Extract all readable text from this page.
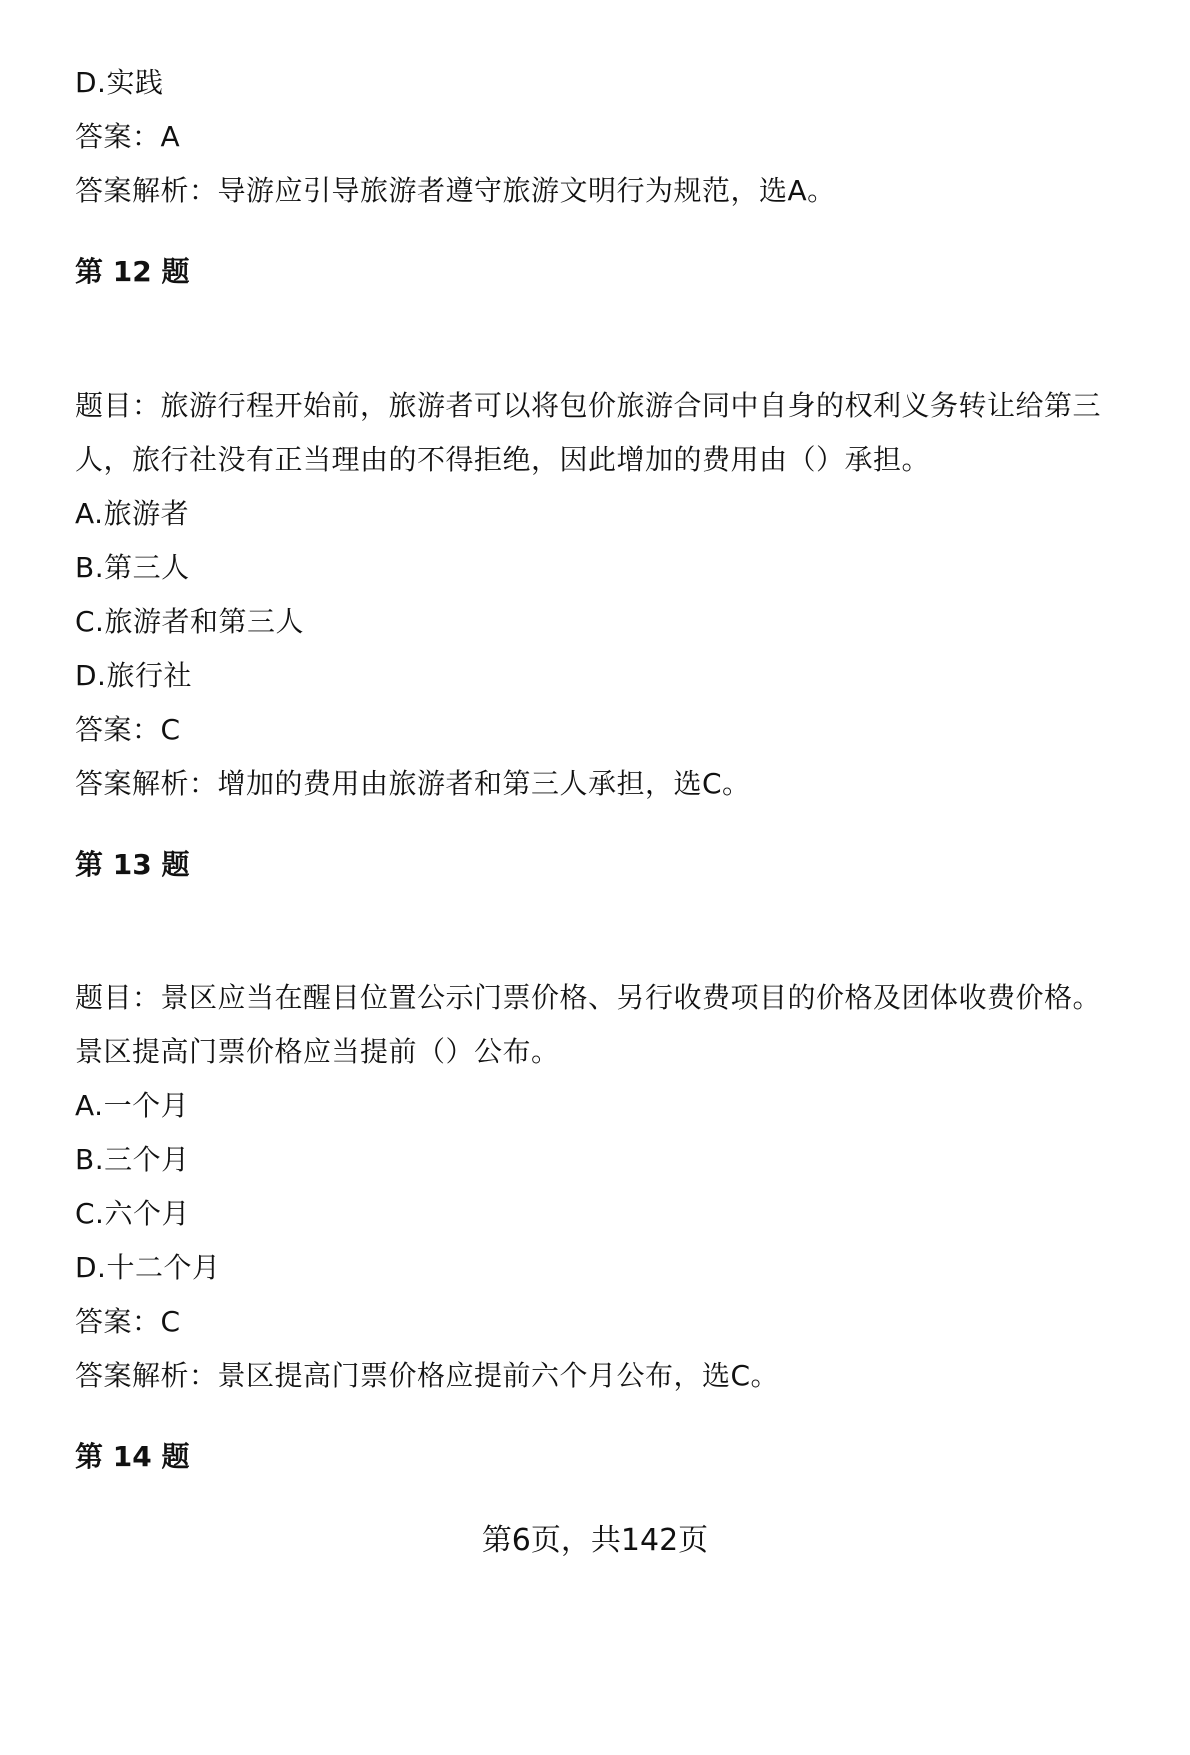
D.实践
答案：A
答案解析：导游应引导旅游者遵守旅游文明行为规范，选A。
第 12 题
题目：旅游行程开始前，旅游者可以将包价旅游合同中自身的权利义务转让给第三
人，旅行社没有正当理由的不得拒绝，因此增加的费用由（）承担。
A.旅游者
B.第三人
C.旅游者和第三人
D.旅行社
答案：C
答案解析：增加的费用由旅游者和第三人承担，选C。
第 13 题
题目：景区应当在醒目位置公示门票价格、另行收费项目的价格及团体收费价格。
景区提高门票价格应当提前（）公布。
A.一个月
B.三个月
C.六个月
D.十二个月
答案：C
答案解析：景区提高门票价格应提前六个月公布，选C。
第 14 题
第6页，共142页
